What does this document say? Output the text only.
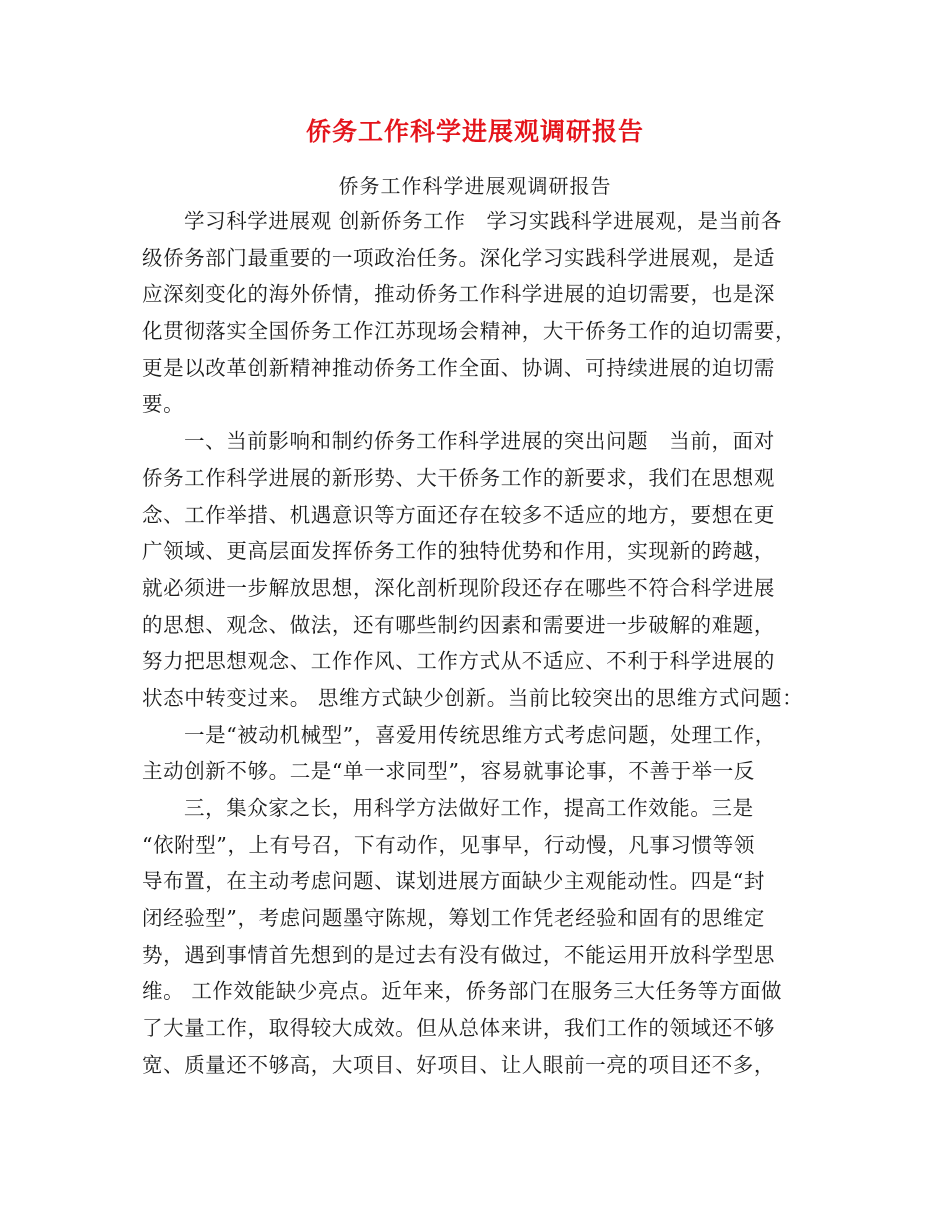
侨务工作科学进展观调研报告
侨务工作科学进展观调研报告
学习科学进展观 创新侨务工作　学习实践科学进展观，是当前各
级侨务部门最重要的一项政治任务。深化学习实践科学进展观，是适
应深刻变化的海外侨情，推动侨务工作科学进展的迫切需要，也是深
化贯彻落实全国侨务工作江苏现场会精神，大干侨务工作的迫切需要，
更是以改革创新精神推动侨务工作全面、协调、可持续进展的迫切需
要。
一、当前影响和制约侨务工作科学进展的突出问题　当前，面对
侨务工作科学进展的新形势、大干侨务工作的新要求，我们在思想观
念、工作举措、机遇意识等方面还存在较多不适应的地方，要想在更
广领域、更高层面发挥侨务工作的独特优势和作用，实现新的跨越，
就必须进一步解放思想，深化剖析现阶段还存在哪些不符合科学进展
的思想、观念、做法，还有哪些制约因素和需要进一步破解的难题，
努力把思想观念、工作作风、工作方式从不适应、不利于科学进展的
状态中转变过来。 思维方式缺少创新。当前比较突出的思维方式问题：
一是“被动机械型”，喜爱用传统思维方式考虑问题，处理工作，
主动创新不够。二是“单一求同型”，容易就事论事，不善于举一反
三，集众家之长，用科学方法做好工作，提高工作效能。三是
“依附型”，上有号召，下有动作，见事早，行动慢，凡事习惯等领
导布置，在主动考虑问题、谋划进展方面缺少主观能动性。四是“封
闭经验型”，考虑问题墨守陈规，筹划工作凭老经验和固有的思维定
势，遇到事情首先想到的是过去有没有做过，不能运用开放科学型思
维。 工作效能缺少亮点。近年来，侨务部门在服务三大任务等方面做
了大量工作，取得较大成效。但从总体来讲，我们工作的领域还不够
宽、质量还不够高，大项目、好项目、让人眼前一亮的项目还不多，
